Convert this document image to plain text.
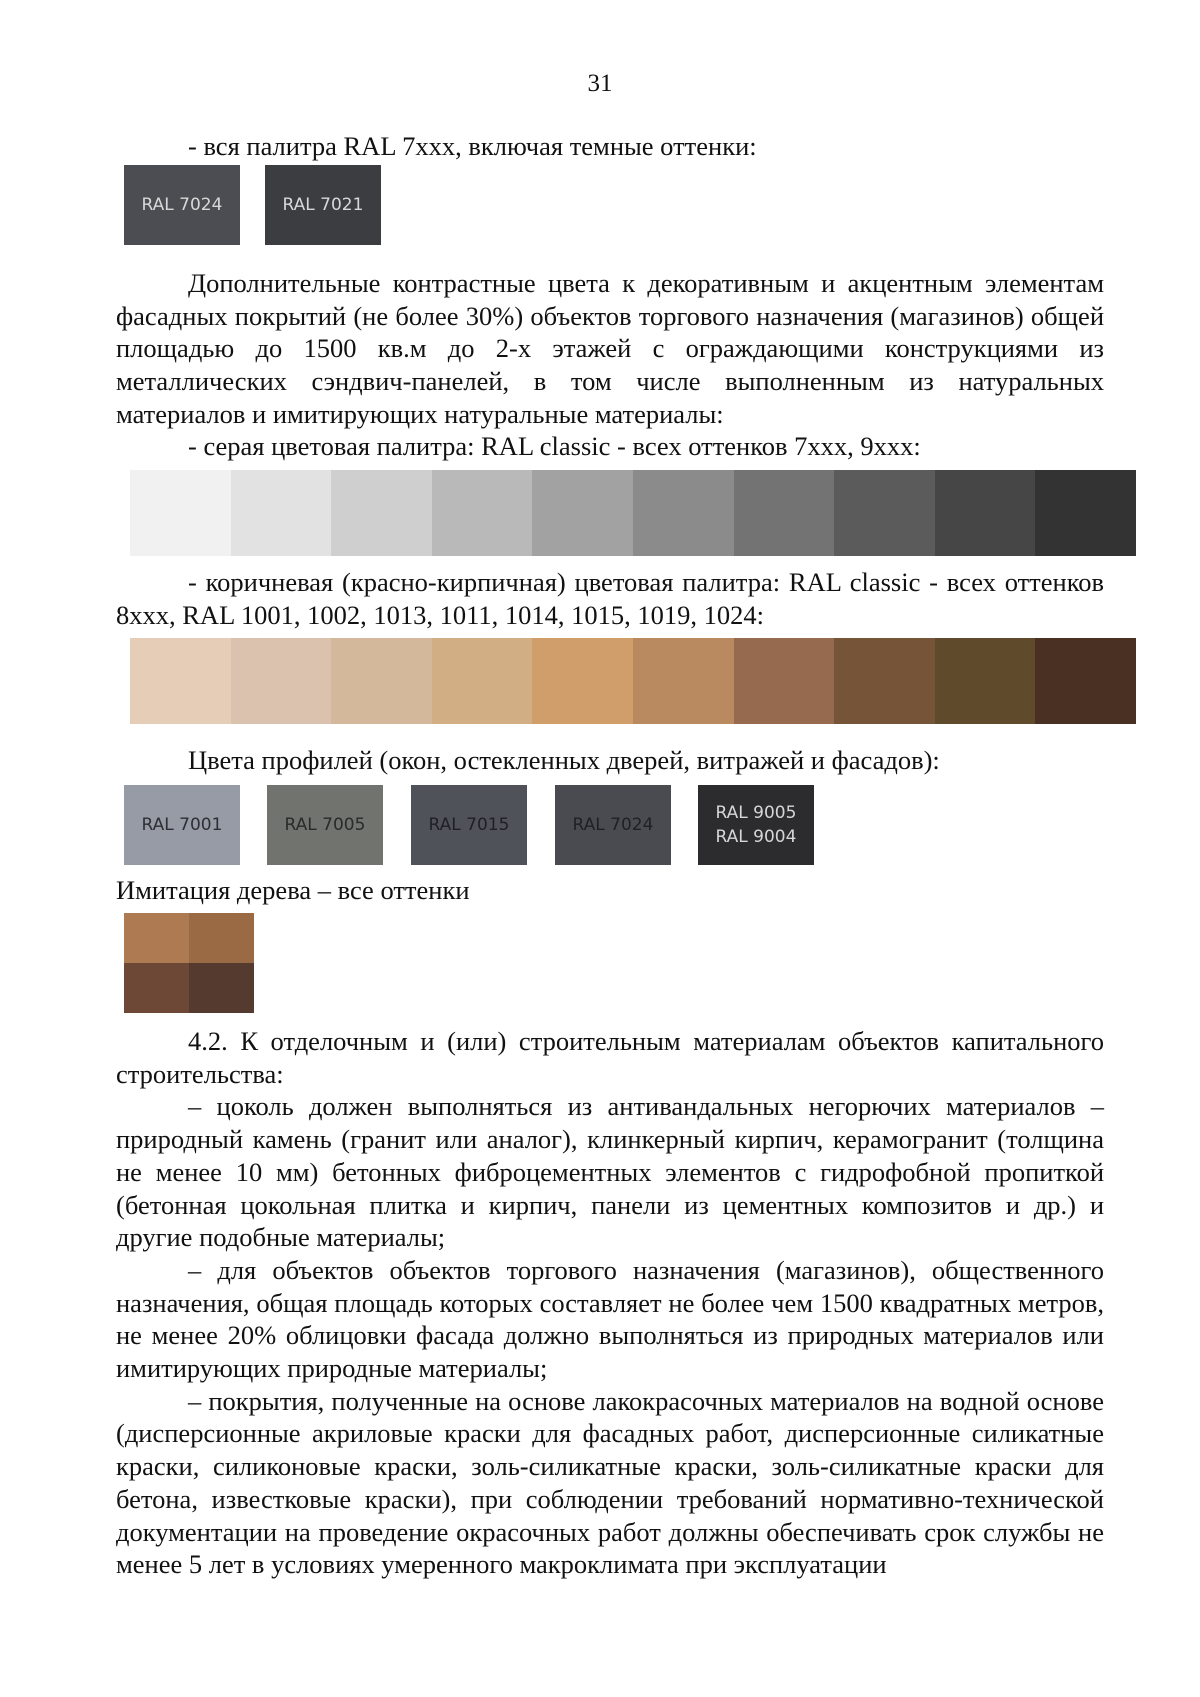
31
- вся палитра RAL 7xxx, включая темные оттенки:
RAL 7024	RAL 7021

Дополнительные контрастные цвета к декоративным и акцентным элементам фасадных покрытий (не более 30%) объектов торгового назначения (магазинов) общей площадью до 1500 кв.м до 2-х этажей с ограждающими конструкциями из металлических сэндвич-панелей, в том числе выполненным из натуральных материалов и имитирующих натуральные материалы:

- серая цветовая палитра: RAL classic - всех оттенков 7xxx, 9xxx:

- коричневая (красно-кирпичная) цветовая палитра: RAL classic - всех оттенков 8xxx, RAL 1001, 1002, 1013, 1011, 1014, 1015, 1019, 1024:

Цвета профилей (окон, остекленных дверей, витражей и фасадов):
RAL 7001	RAL 7005	RAL 7015	RAL 7024
RAL 9005
RAL 9004
Имитация дерева – все оттенки

4.2. К отделочным и (или) строительным материалам объектов капитального строительства:

– цоколь должен выполняться из антивандальных негорючих материалов – природный камень (гранит или аналог), клинкерный кирпич, керамогранит (толщина не менее 10 мм) бетонных фиброцементных элементов с гидрофобной пропиткой (бетонная цокольная плитка и кирпич, панели из цементных композитов и др.) и другие подобные материалы;

– для объектов объектов торгового назначения (магазинов), общественного назначения, общая площадь которых составляет не более чем 1500 квадратных метров, не менее 20% облицовки фасада должно выполняться из природных материалов или имитирующих природные материалы;

– покрытия, полученные на основе лакокрасочных материалов на водной основе (дисперсионные акриловые краски для фасадных работ, дисперсионные силикатные краски, силиконовые краски, золь-силикатные краски, золь-силикатные краски для бетона, известковые краски), при соблюдении требований нормативно-технической документации на проведение окрасочных работ должны обеспечивать срок службы не менее 5 лет в условиях умеренного макроклимата при эксплуатации
